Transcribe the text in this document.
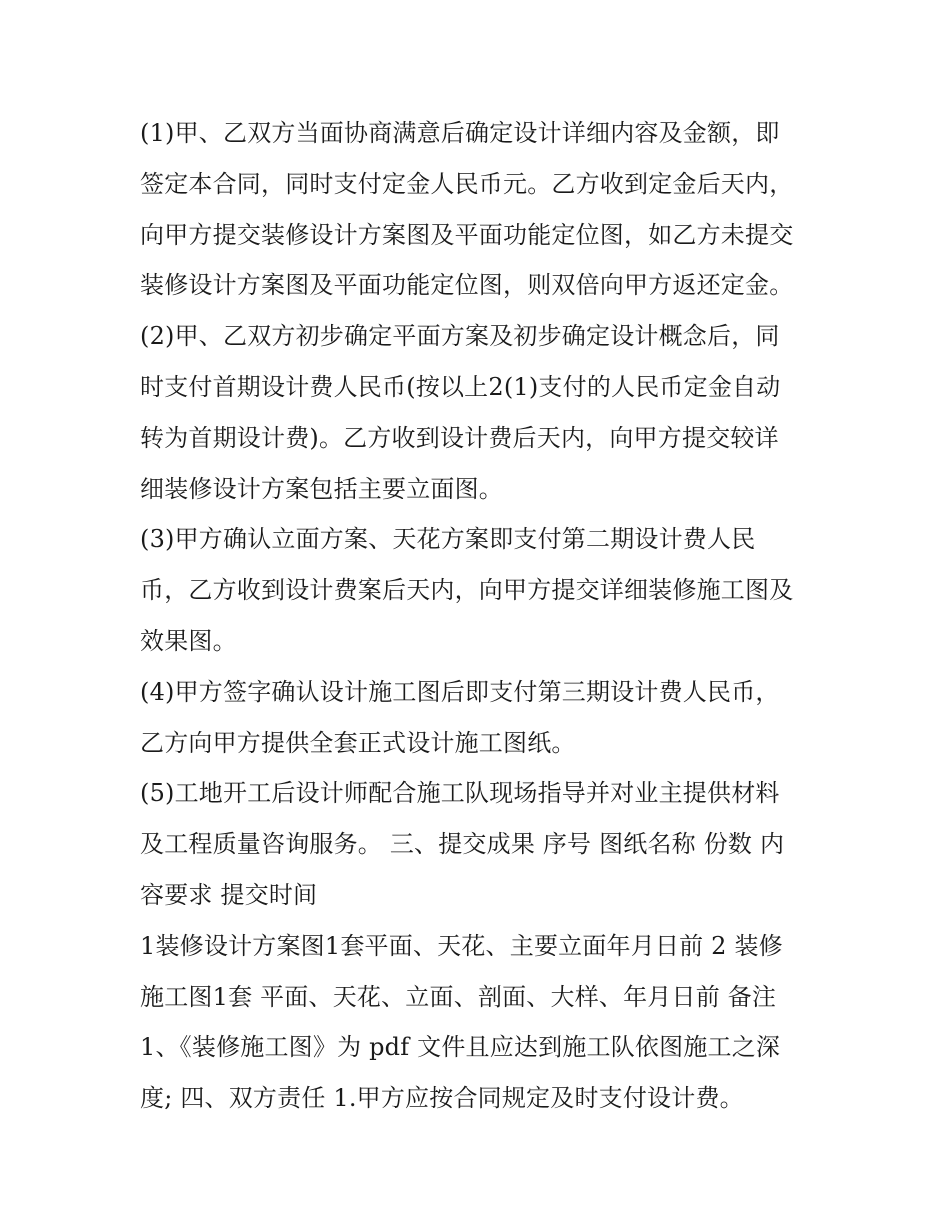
(1)甲、乙双方当面协商满意后确定设计详细内容及金额，即
签定本合同，同时支付定金人民币元。乙方收到定金后天内，
向甲方提交装修设计方案图及平面功能定位图，如乙方未提交
装修设计方案图及平面功能定位图，则双倍向甲方返还定金。
(2)甲、乙双方初步确定平面方案及初步确定设计概念后，同
时支付首期设计费人民币(按以上2(1)支付的人民币定金自动
转为首期设计费)。乙方收到设计费后天内，向甲方提交较详
细装修设计方案包括主要立面图。
(3)甲方确认立面方案、天花方案即支付第二期设计费人民
币，乙方收到设计费案后天内，向甲方提交详细装修施工图及
效果图。
(4)甲方签字确认设计施工图后即支付第三期设计费人民币，
乙方向甲方提供全套正式设计施工图纸。
(5)工地开工后设计师配合施工队现场指导并对业主提供材料
及工程质量咨询服务。 三、提交成果 序号 图纸名称 份数 内
容要求 提交时间
1装修设计方案图1套平面、天花、主要立面年月日前 2 装修
施工图1套 平面、天花、立面、剖面、大样、年月日前 备注
1、《装修施工图》为 pdf 文件且应达到施工队依图施工之深
度; 四、双方责任 1.甲方应按合同规定及时支付设计费。
